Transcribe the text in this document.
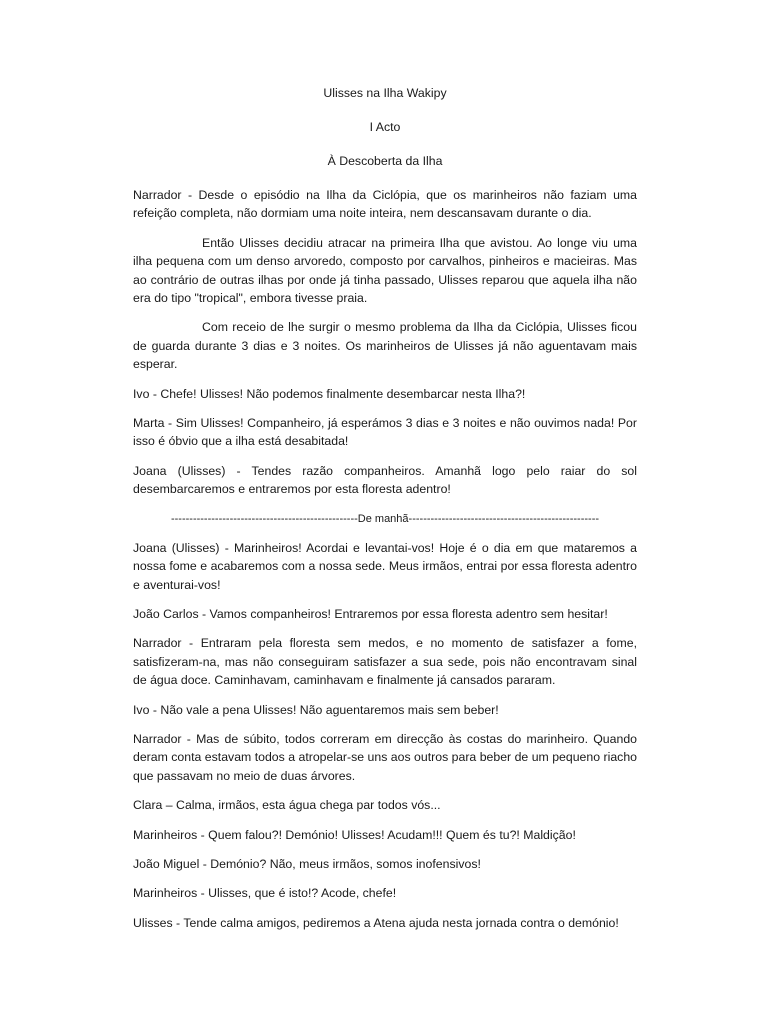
Ulisses na Ilha Wakipy

I Acto

À Descoberta da Ilha

Narrador - Desde o episódio na Ilha da Ciclópia, que os marinheiros não faziam uma refeição completa, não dormiam uma noite inteira, nem descansavam durante o dia.

Então Ulisses decidiu atracar na primeira Ilha que avistou. Ao longe viu uma ilha pequena com um denso arvoredo, composto por carvalhos, pinheiros e macieiras. Mas ao contrário de outras ilhas por onde já tinha passado, Ulisses reparou que aquela ilha não era do tipo "tropical", embora tivesse praia.

Com receio de lhe surgir o mesmo problema da Ilha da Ciclópia, Ulisses ficou de guarda durante 3 dias e 3 noites. Os marinheiros de Ulisses já não aguentavam mais esperar.

Ivo - Chefe! Ulisses! Não podemos finalmente desembarcar nesta Ilha?!

Marta - Sim Ulisses! Companheiro, já esperámos 3 dias e 3 noites e não ouvimos nada! Por isso é óbvio que a ilha está desabitada!

Joana (Ulisses) - Tendes razão companheiros. Amanhã logo pelo raiar do sol desembarcaremos e entraremos por esta floresta adentro!

---------------------------------------------------De manhã----------------------------------------------------

Joana (Ulisses) - Marinheiros! Acordai e levantai-vos! Hoje é o dia em que mataremos a nossa fome e acabaremos com a nossa sede. Meus irmãos, entrai por essa floresta adentro e aventurai-vos!

João Carlos - Vamos companheiros! Entraremos por essa floresta adentro sem hesitar!

Narrador - Entraram pela floresta sem medos, e no momento de satisfazer a fome, satisfizeram-na, mas não conseguiram satisfazer a sua sede, pois não encontravam sinal de água doce. Caminhavam, caminhavam e finalmente já cansados pararam.

Ivo - Não vale a pena Ulisses! Não aguentaremos mais sem beber!

Narrador - Mas de súbito, todos correram em direcção às costas do marinheiro. Quando deram conta estavam todos a atropelar-se uns aos outros para beber de um pequeno riacho que passavam no meio de duas árvores.

Clara – Calma, irmãos, esta água chega par todos vós...

Marinheiros - Quem falou?! Demónio! Ulisses! Acudam!!! Quem és tu?! Maldição!

João Miguel - Demónio? Não, meus irmãos, somos inofensivos!

Marinheiros - Ulisses, que é isto!? Acode, chefe!

Ulisses - Tende calma amigos, pediremos a Atena ajuda nesta jornada contra o demónio!
